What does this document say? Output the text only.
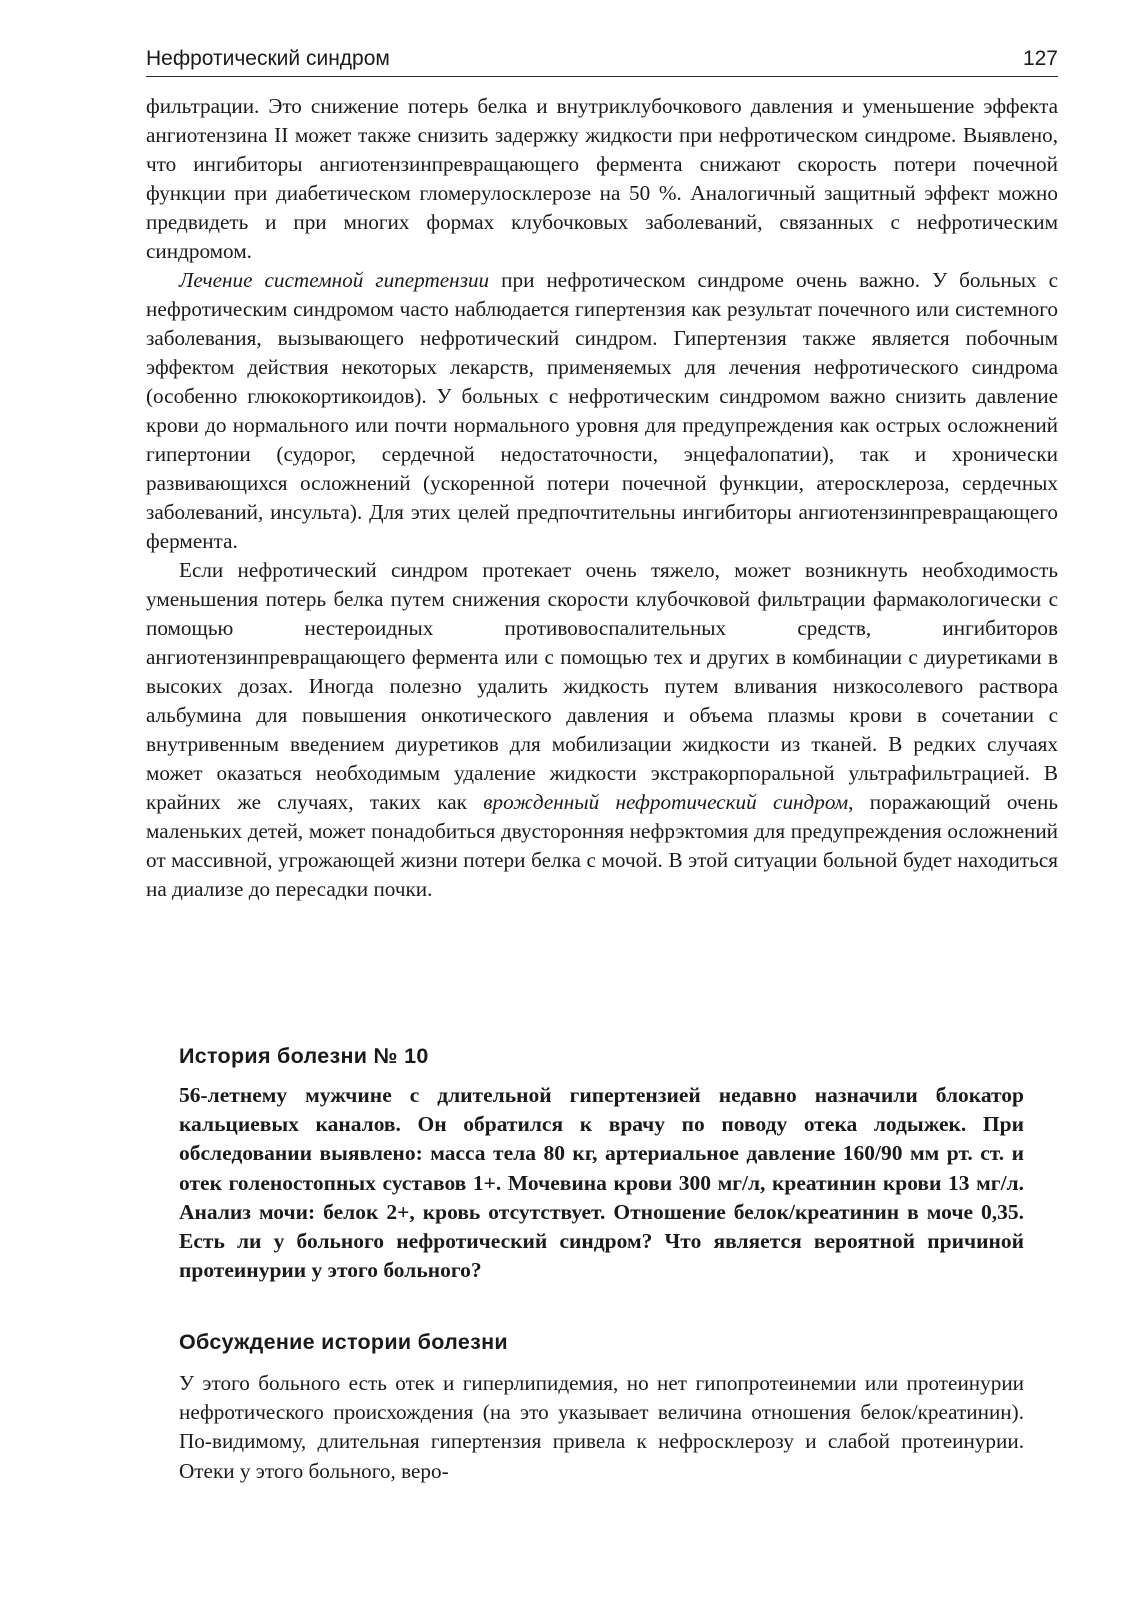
Нефротический синдром	127

фильтрации. Это снижение потерь белка и внутриклубочкового давления и уменьшение эффекта ангиотензина II может также снизить задержку жидкости при нефротическом синдроме. Выявлено, что ингибиторы ангиотензинпревращающего фермента снижают скорость потери почечной функции при диабетическом гломерулосклерозе на 50 %. Аналогичный защитный эффект можно предвидеть и при многих формах клубочковых заболеваний, связанных с нефротическим синдромом.

Лечение системной гипертензии при нефротическом синдроме очень важно. У больных с нефротическим синдромом часто наблюдается гипертензия как результат почечного или системного заболевания, вызывающего нефротический синдром. Гипертензия также является побочным эффектом действия некоторых лекарств, применяемых для лечения нефротического синдрома (особенно глюкокортикоидов). У больных с нефротическим синдромом важно снизить давление крови до нормального или почти нормального уровня для предупреждения как острых осложнений гипертонии (судорог, сердечной недостаточности, энцефалопатии), так и хронически развивающихся осложнений (ускоренной потери почечной функции, атеросклероза, сердечных заболеваний, инсульта). Для этих целей предпочтительны ингибиторы ангиотензинпревращающего фермента.

Если нефротический синдром протекает очень тяжело, может возникнуть необходимость уменьшения потерь белка путем снижения скорости клубочковой фильтрации фармакологически с помощью нестероидных противовоспалительных средств, ингибиторов ангиотензинпревращающего фермента или с помощью тех и других в комбинации с диуретиками в высоких дозах. Иногда полезно удалить жидкость путем вливания низкосолевого раствора альбумина для повышения онкотического давления и объема плазмы крови в сочетании с внутривенным введением диуретиков для мобилизации жидкости из тканей. В редких случаях может оказаться необходимым удаление жидкости экстракорпоральной ультрафильтрацией. В крайних же случаях, таких как врожденный нефротический синдром, поражающий очень маленьких детей, может понадобиться двусторонняя нефрэктомия для предупреждения осложнений от массивной, угрожающей жизни потери белка с мочой. В этой ситуации больной будет находиться на диализе до пересадки почки.

История болезни № 10

56-летнему мужчине с длительной гипертензией недавно назначили блокатор кальциевых каналов. Он обратился к врачу по поводу отека лодыжек. При обследовании выявлено: масса тела 80 кг, артериальное давление 160/90 мм рт. ст. и отек голеностопных суставов 1+. Мочевина крови 300 мг/л, креатинин крови 13 мг/л. Анализ мочи: белок 2+, кровь отсутствует. Отношение белок/креатинин в моче 0,35. Есть ли у больного нефротический синдром? Что является вероятной причиной протеинурии у этого больного?

Обсуждение истории болезни

У этого больного есть отек и гиперлипидемия, но нет гипопротеинемии или протеинурии нефротического происхождения (на это указывает величина отношения белок/креатинин). По-видимому, длительная гипертензия привела к нефросклерозу и слабой протеинурии. Отеки у этого больного, веро-
